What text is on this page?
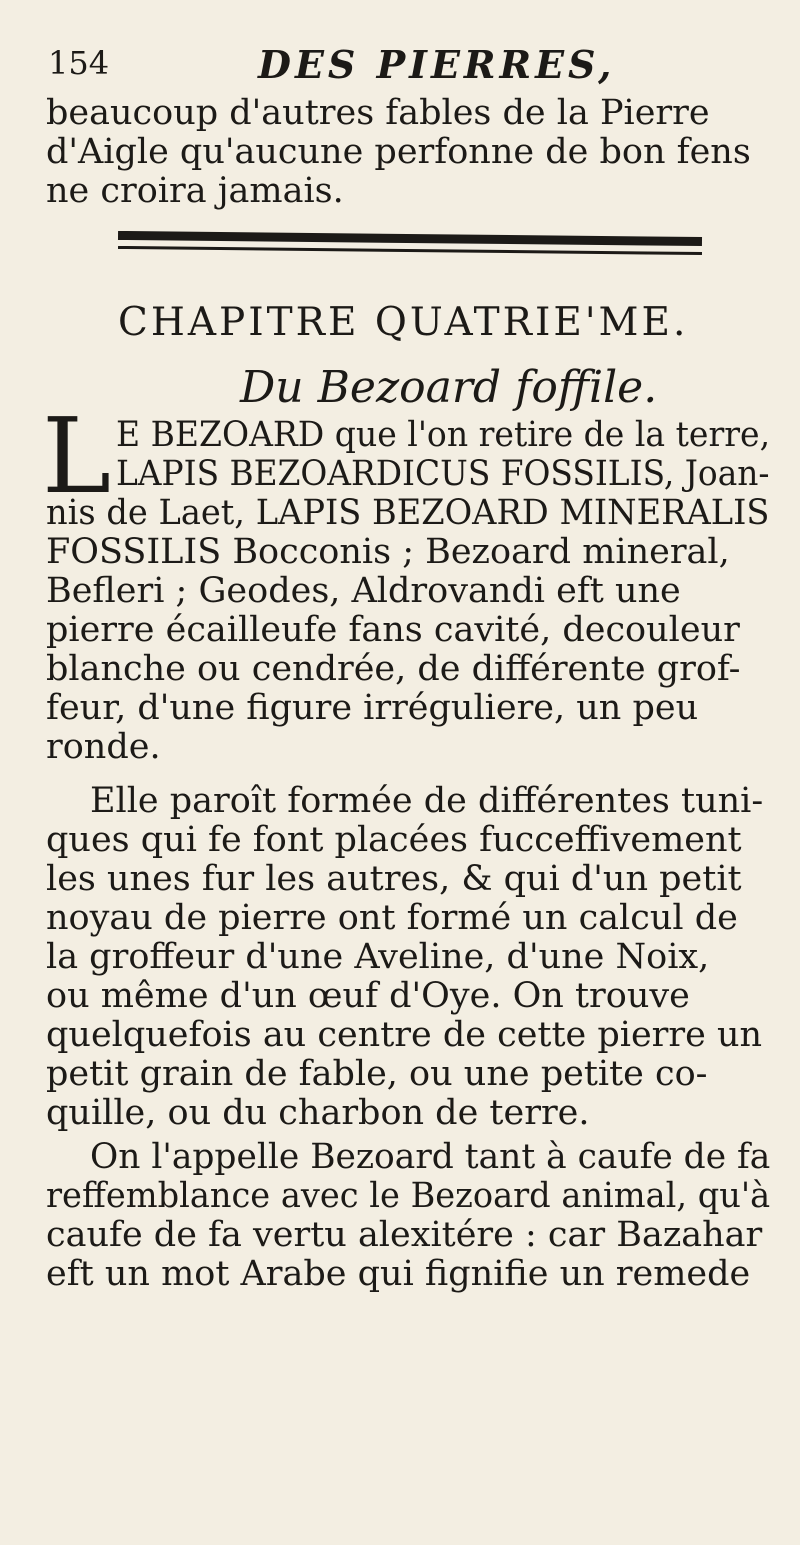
154	DES PIERRES,
beaucoup d'autres fables de la Pierre
d'Aigle qu'aucune perfonne de bon fens
ne croira jamais.
CHAPITRE QUATRIE'ME.
Du Bezoard foffile.
L E BEZOARD que l'on retire de la terre,
LAPIS BEZOARDICUS FOSSILIS, Joan-
nis de Laet, LAPIS BEZOARD MINERALIS
FOSSILIS Bocconis ; Bezoard mineral,
Befleri ; Geodes, Aldrovandi eft une
pierre écailleufe fans cavité, decouleur
blanche ou cendrée, de différente grof-
feur, d'une figure irréguliere, un peu
ronde.
Elle paroît formée de différentes tuni-
ques qui fe font placées fucceffivement
les unes fur les autres, & qui d'un petit
noyau de pierre ont formé un calcul de
la groffeur d'une Aveline, d'une Noix,
ou même d'un œuf d'Oye. On trouve
quelquefois au centre de cette pierre un
petit grain de fable, ou une petite co-
quille, ou du charbon de terre.
On l'appelle Bezoard tant à caufe de fa
reffemblance avec le Bezoard animal, qu'à
caufe de fa vertu alexitére : car Bazahar
eft un mot Arabe qui fignifie un remede
